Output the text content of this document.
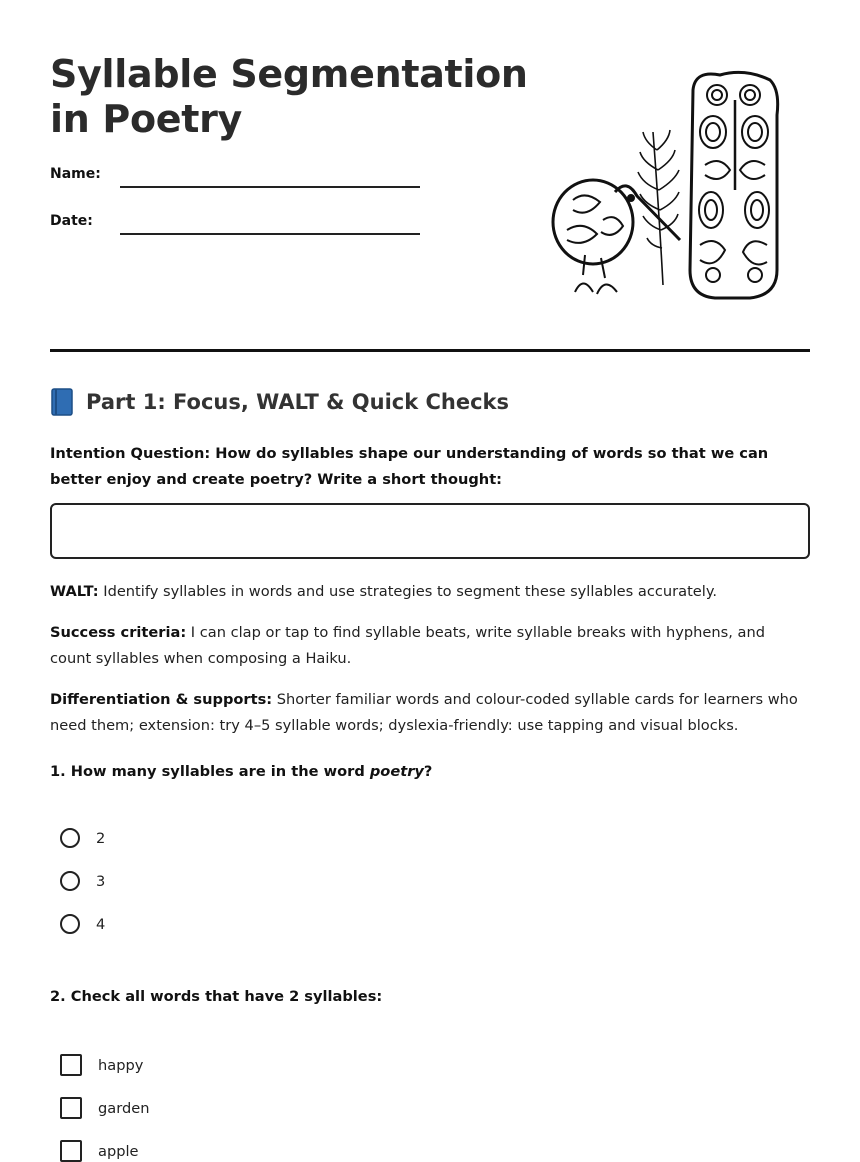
Syllable Segmentation
in Poetry
Name:
Date:
Part 1: Focus, WALT & Quick Checks

Intention Question: How do syllables shape our understanding of words so that we can better enjoy and create poetry? Write a short thought:

WALT: Identify syllables in words and use strategies to segment these syllables accurately.

Success criteria: I can clap or tap to find syllable beats, write syllable breaks with hyphens, and count syllables when composing a Haiku.

Differentiation & supports: Shorter familiar words and colour-coded syllable cards for learners who need them; extension: try 4–5 syllable words; dyslexia-friendly: use tapping and visual blocks.

1. How many syllables are in the word poetry?

2
3
4

2. Check all words that have 2 syllables:

happy
garden
apple
